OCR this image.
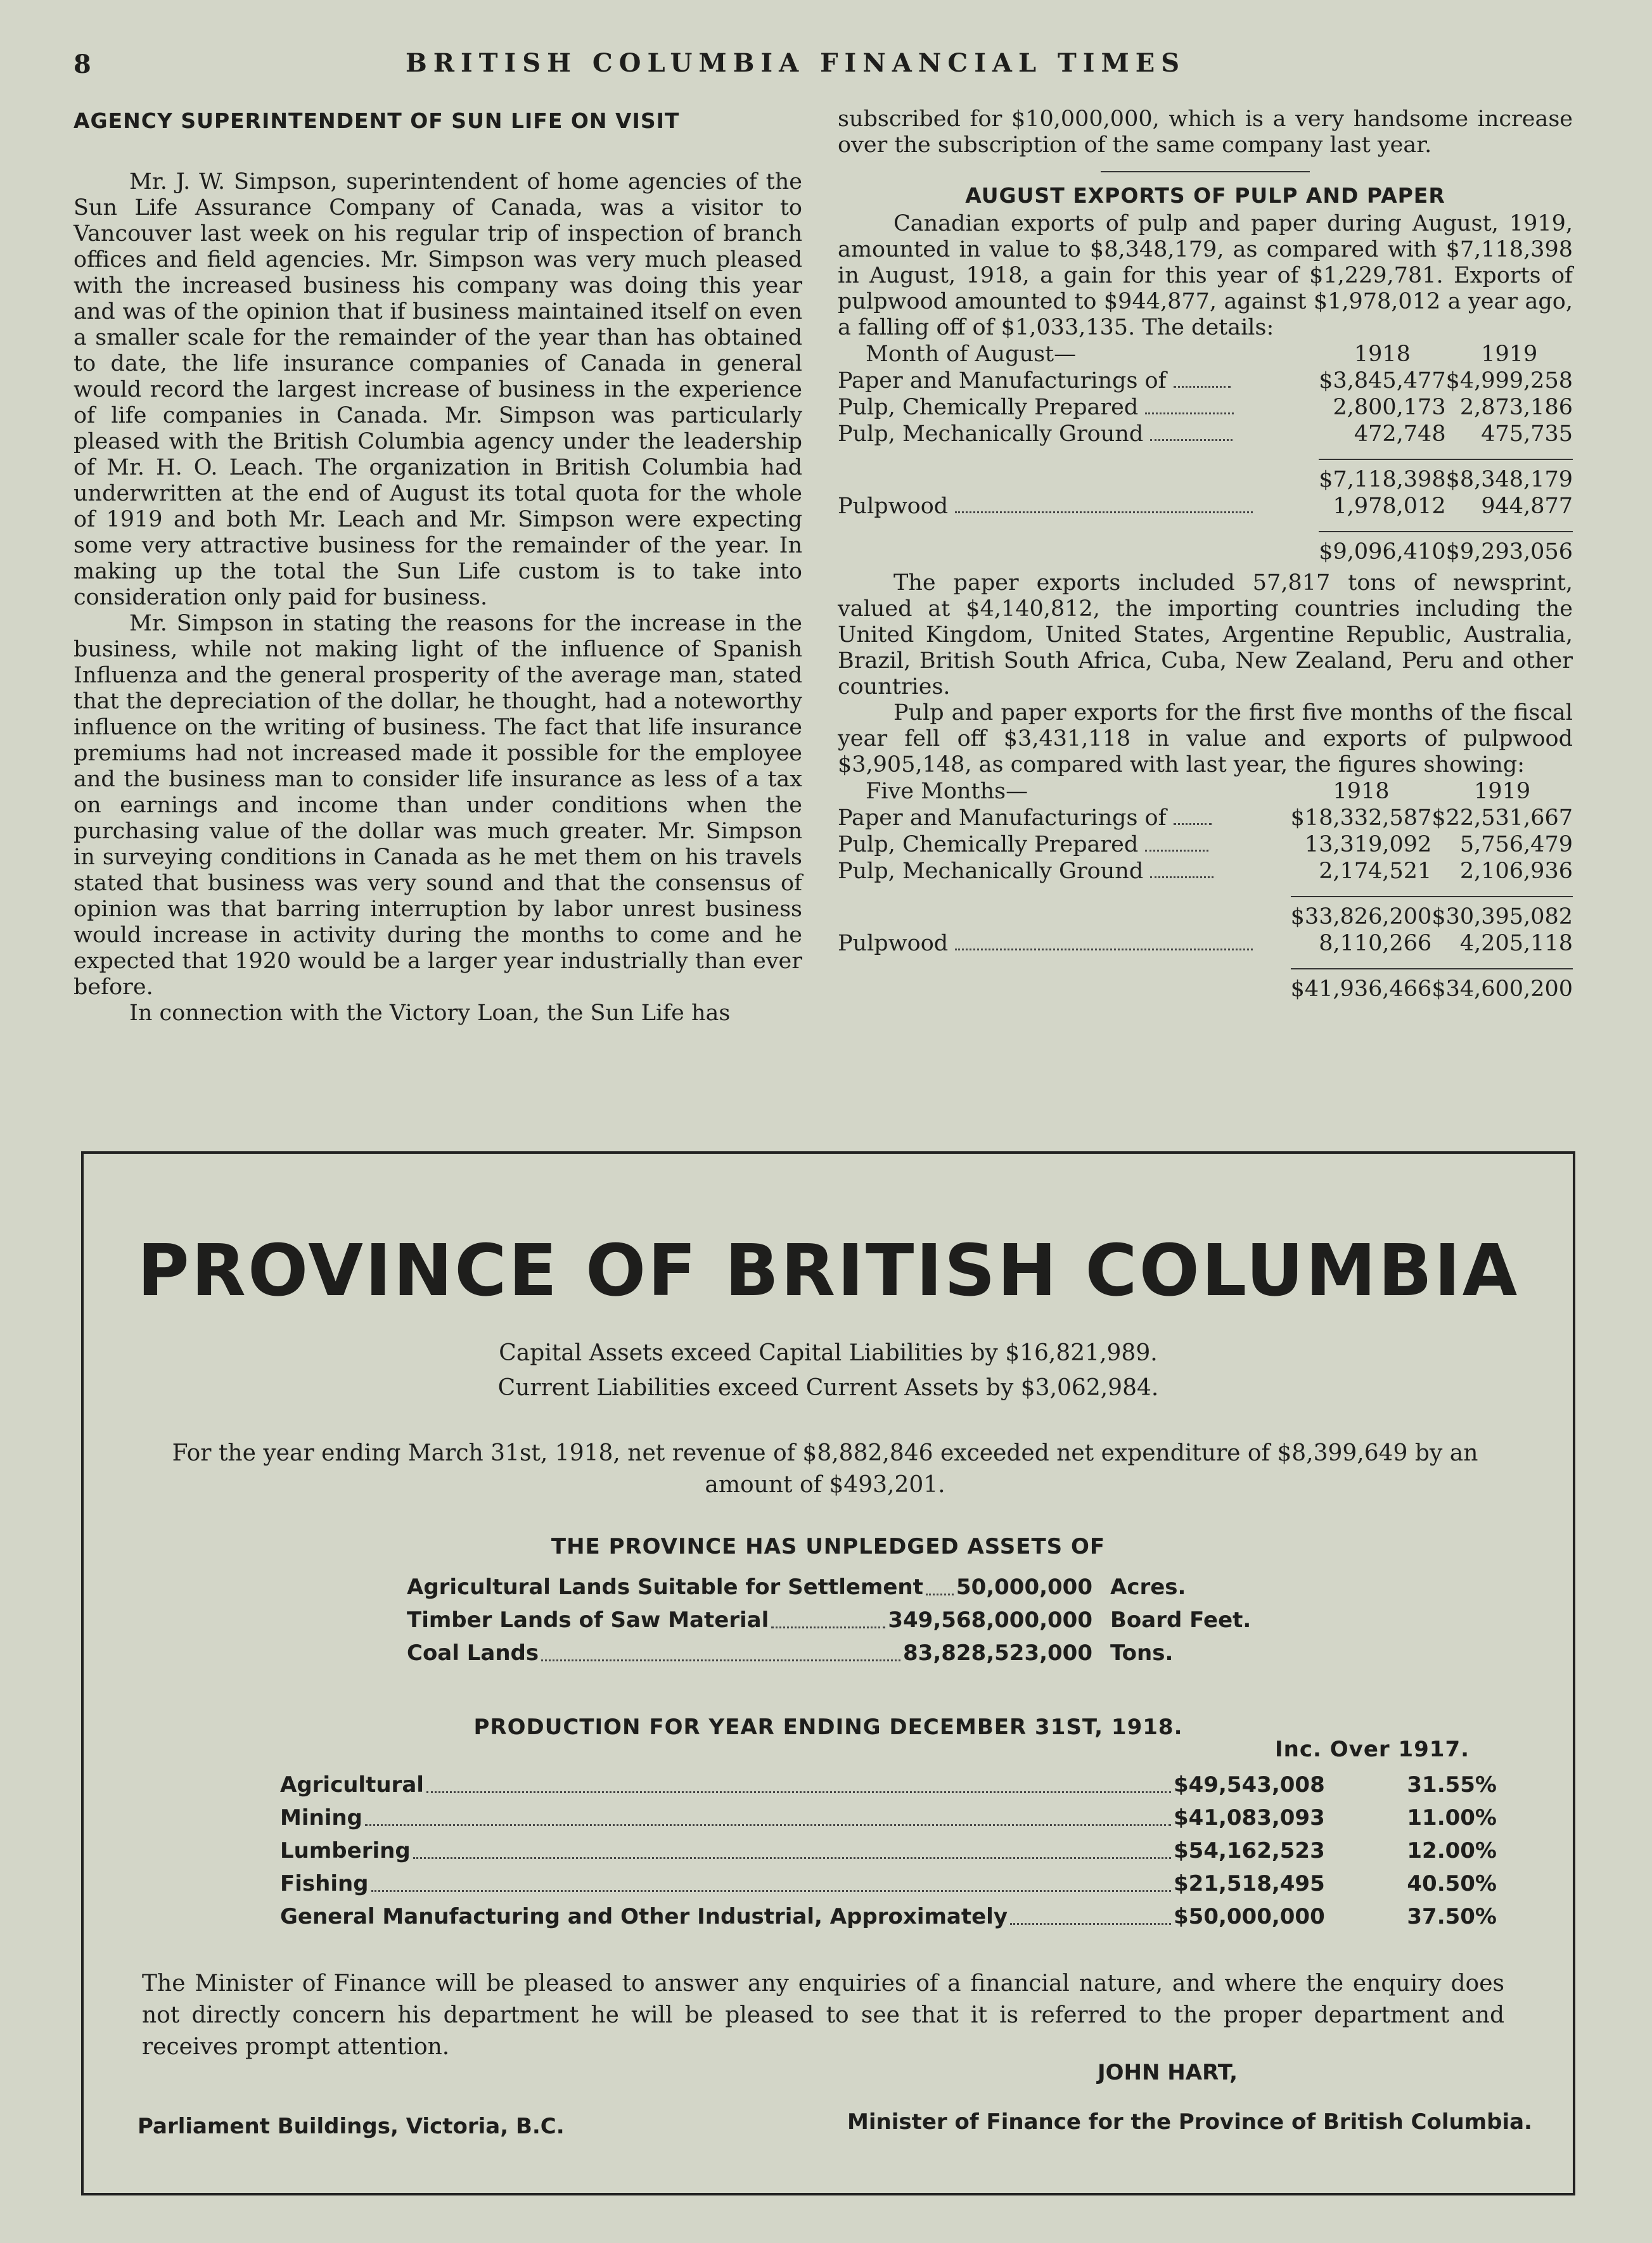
8	BRITISH COLUMBIA FINANCIAL TIMES
AGENCY SUPERINTENDENT OF SUN LIFE ON VISIT

Mr. J. W. Simpson, superintendent of home agencies of the Sun Life Assurance Company of Canada, was a visitor to Vancouver last week on his regular trip of inspection of branch offices and field agencies. Mr. Simpson was very much pleased with the increased business his company was doing this year and was of the opinion that if business maintained itself on even a smaller scale for the remainder of the year than has obtained to date, the life insurance companies of Canada in general would record the largest increase of business in the experience of life companies in Canada. Mr. Simpson was particularly pleased with the British Columbia agency under the leadership of Mr. H. O. Leach. The organization in British Columbia had underwritten at the end of August its total quota for the whole of 1919 and both Mr. Leach and Mr. Simpson were expecting some very attractive business for the remainder of the year. In making up the total the Sun Life custom is to take into consideration only paid for business.

Mr. Simpson in stating the reasons for the increase in the business, while not making light of the influence of Spanish Influenza and the general prosperity of the average man, stated that the depreciation of the dollar, he thought, had a noteworthy influence on the writing of business. The fact that life insurance premiums had not increased made it possible for the employee and the business man to consider life insurance as less of a tax on earnings and income than under conditions when the purchasing value of the dollar was much greater. Mr. Simpson in surveying conditions in Canada as he met them on his travels stated that business was very sound and that the consensus of opinion was that barring interruption by labor unrest business would increase in activity during the months to come and he expected that 1920 would be a larger year industrially than ever before.

In connection with the Victory Loan, the Sun Life has

subscribed for $10,000,000, which is a very handsome increase over the subscription of the same company last year.
AUGUST EXPORTS OF PULP AND PAPER

Canadian exports of pulp and paper during August, 1919, amounted in value to $8,348,179, as compared with $7,118,398 in August, 1918, a gain for this year of $1,229,781. Exports of pulpwood amounted to $944,877, against $1,978,012 a year ago, a falling off of $1,033,135. The details:

Month of August—	1918	1919
Paper and Manufacturings of	$3,845,477	$4,999,258
Pulp, Chemically Prepared	2,800,173	2,873,186
Pulp, Mechanically Ground	472,748	475,735

	$7,118,398	$8,348,179
Pulpwood	1,978,012	944,877

	$9,096,410	$9,293,056

The paper exports included 57,817 tons of newsprint, valued at $4,140,812, the importing countries including the United Kingdom, United States, Argentine Republic, Australia, Brazil, British South Africa, Cuba, New Zealand, Peru and other countries.

Pulp and paper exports for the first five months of the fiscal year fell off $3,431,118 in value and exports of pulpwood $3,905,148, as compared with last year, the figures showing:

Five Months—	1918	1919
Paper and Manufacturings of	$18,332,587	$22,531,667
Pulp, Chemically Prepared	13,319,092	5,756,479
Pulp, Mechanically Ground	2,174,521	2,106,936

	$33,826,200	$30,395,082
Pulpwood	8,110,266	4,205,118

	$41,936,466	$34,600,200
PROVINCE OF BRITISH COLUMBIA
Capital Assets exceed Capital Liabilities by $16,821,989.
Current Liabilities exceed Current Assets by $3,062,984.
For the year ending March 31st, 1918, net revenue of $8,882,846 exceeded net expenditure of $8,399,649 by an amount of $493,201.
THE PROVINCE HAS UNPLEDGED ASSETS OF
Agricultural Lands Suitable for Settlement 50,000,000 Acres.
Timber Lands of Saw Material	349,568,000,000 Board Feet.
Coal Lands	83,828,523,000 Tons.
PRODUCTION FOR YEAR ENDING DECEMBER 31ST, 1918.
Inc. Over 1917.
Agricultural	$49,543,008	31.55%
Mining	$41,083,093	11.00%
Lumbering	$54,162,523	12.00%
Fishing	$21,518,495	40.50%
General Manufacturing and Other Industrial, Approximately	$50,000,000	37.50%
The Minister of Finance will be pleased to answer any enquiries of a financial nature, and where the enquiry does not directly concern his department he will be pleased to see that it is referred to the proper department and receives prompt attention.
JOHN HART,
Parliament Buildings, Victoria, B.C.	Minister of Finance for the Province of British Columbia.
